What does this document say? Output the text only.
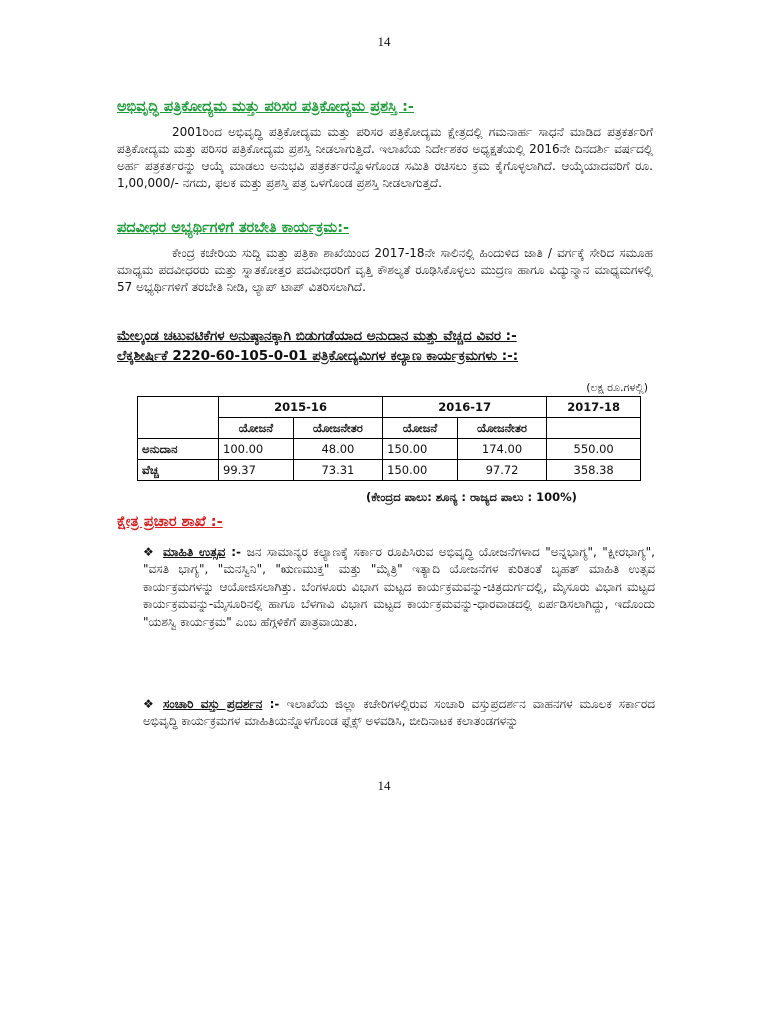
14
ಅಭಿವೃದ್ಧಿ ಪತ್ರಿಕೋದ್ಯಮ ಮತ್ತು ಪರಿಸರ ಪತ್ರಿಕೋದ್ಯಮ ಪ್ರಶಸ್ತಿ :-

2001ರಿಂದ ಅಭಿವೃದ್ಧಿ ಪತ್ರಿಕೋದ್ಯಮ ಮತ್ತು ಪರಿಸರ ಪತ್ರಿಕೋದ್ಯಮ ಕ್ಷೇತ್ರದಲ್ಲಿ ಗಮನಾರ್ಹ ಸಾಧನೆ ಮಾಡಿದ ಪತ್ರಕರ್ತರಿಗೆ ಪತ್ರಿಕೋದ್ಯಮ ಮತ್ತು ಪರಿಸರ ಪತ್ರಿಕೋದ್ಯಮ ಪ್ರಶಸ್ತಿ ನೀಡಲಾಗುತ್ತಿದೆ. ಇಲಾಖೆಯ ನಿರ್ದೇಶಕರ ಅಧ್ಯಕ್ಷತೆಯಲ್ಲಿ 2016ನೇ ದಿನದರ್ಶಿ ವರ್ಷದಲ್ಲಿ ಅರ್ಹ ಪತ್ರಕರ್ತರನ್ನು ಆಯ್ಕೆ ಮಾಡಲು ಅನುಭವಿ ಪತ್ರಕರ್ತರನ್ನೊಳಗೊಂಡ ಸಮಿತಿ ರಚಿಸಲು ಕ್ರಮ ಕೈಗೊಳ್ಳಲಾಗಿದೆ. ಆಯ್ಕೆಯಾದವರಿಗೆ ರೂ. 1,00,000/- ನಗದು, ಫಲಕ ಮತ್ತು ಪ್ರಶಸ್ತಿ ಪತ್ರ ಒಳಗೊಂಡ ಪ್ರಶಸ್ತಿ ನೀಡಲಾಗುತ್ತದೆ.

ಪದವೀಧರ ಅಭ್ಯರ್ಥಿಗಳಿಗೆ ತರಬೇತಿ ಕಾರ್ಯಕ್ರಮ:-

ಕೇಂದ್ರ ಕಚೇರಿಯ ಸುದ್ದಿ ಮತ್ತು ಪತ್ರಿಕಾ ಶಾಖೆಯಿಂದ 2017-18ನೇ ಸಾಲಿನಲ್ಲಿ ಹಿಂದುಳಿದ ಜಾತಿ / ವರ್ಗಕ್ಕೆ ಸೇರಿದ ಸಮೂಹ ಮಾಧ್ಯಮ ಪದವೀಧರರು ಮತ್ತು ಸ್ನಾತಕೋತ್ತರ ಪದವೀಧರರಿಗೆ ವೃತ್ತಿ ಕೌಶಲ್ಯತೆ ರೂಢಿಸಿಕೊಳ್ಳಲು ಮುದ್ರಣ ಹಾಗೂ ವಿದ್ಯುನ್ಮಾನ ಮಾಧ್ಯಮಗಳಲ್ಲಿ 57 ಅಭ್ಯರ್ಥಿಗಳಿಗೆ ತರಬೇತಿ ನೀಡಿ, ಲ್ಯಾಪ್ ಟಾಪ್ ವಿತರಿಸಲಾಗಿದೆ.

ಮೇಲ್ಕಂಡ ಚಟುವಟಿಕೆಗಳ ಅನುಷ್ಠಾನಕ್ಕಾಗಿ ಬಿಡುಗಡೆಯಾದ ಅನುದಾನ ಮತ್ತು ವೆಚ್ಚದ ವಿವರ :-
ಲೆಕ್ಕಶೀರ್ಷಿಕೆ 2220-60-105-0-01 ಪತ್ರಿಕೋದ್ಯಮಿಗಳ ಕಲ್ಯಾಣ ಕಾರ್ಯಕ್ರಮಗಳು :-:
(ಲಕ್ಷ ರೂ.ಗಳಲ್ಲಿ)
	2015-16		2016-17		2017-18
	ಯೋಜನೆ	ಯೋಜನೇತರ	ಯೋಜನೆ	ಯೋಜನೇತರ	
ಅನುದಾನ	100.00	48.00	150.00	174.00	550.00
ವೆಚ್ಚ	99.37	73.31	150.00	97.72	358.38
(ಕೇಂದ್ರದ ಪಾಲು: ಶೂನ್ಯ : ರಾಜ್ಯದ ಪಾಲು : 100%)
ಕ್ಷೇತ್ರ ಪ್ರಚಾರ ಶಾಖೆ :-
❖ ಮಾಹಿತಿ ಉತ್ಸವ :- ಜನ ಸಾಮಾನ್ಯರ ಕಲ್ಯಾಣಕ್ಕೆ ಸರ್ಕಾರ ರೂಪಿಸಿರುವ ಅಭಿವೃದ್ಧಿ ಯೋಜನೆಗಳಾದ "ಅನ್ನಭಾಗ್ಯ", "ಕ್ಷೀರಭಾಗ್ಯ", "ವಸತಿ ಭಾಗ್ಯ", "ಮನಸ್ವಿನಿ", "ಋಣಮುಕ್ತ" ಮತ್ತು "ಮೈತ್ರಿ" ಇತ್ಯಾದಿ ಯೋಜನೆಗಳ ಕುರಿತಂತೆ ಬೃಹತ್ ಮಾಹಿತಿ ಉತ್ಸವ ಕಾರ್ಯಕ್ರಮಗಳನ್ನು ಆಯೋಜಿಸಲಾಗಿತ್ತು. ಬೆಂಗಳೂರು ವಿಭಾಗ ಮಟ್ಟದ ಕಾರ್ಯಕ್ರಮವನ್ನು-ಚಿತ್ರದುರ್ಗದಲ್ಲಿ, ಮೈಸೂರು ವಿಭಾಗ ಮಟ್ಟದ ಕಾರ್ಯಕ್ರಮವನ್ನು-ಮೈಸೂರಿನಲ್ಲಿ ಹಾಗೂ ಬೆಳಗಾವಿ ವಿಭಾಗ ಮಟ್ಟದ ಕಾರ್ಯಕ್ರಮವನ್ನು-ಧಾರವಾಡದಲ್ಲಿ ಏರ್ಪಡಿಸಲಾಗಿದ್ದು, ಇದೊಂದು "ಯಶಸ್ವಿ ಕಾರ್ಯಕ್ರಮ" ಎಂಬ ಹೆಗ್ಗಳಿಕೆಗೆ ಪಾತ್ರವಾಯಿತು.
❖ ಸಂಚಾರಿ ವಸ್ತು ಪ್ರದರ್ಶನ :- ಇಲಾಖೆಯ ಜಿಲ್ಲಾ ಕಚೇರಿಗಳಲ್ಲಿರುವ ಸಂಚಾರಿ ವಸ್ತುಪ್ರದರ್ಶನ ವಾಹನಗಳ ಮೂಲಕ ಸರ್ಕಾರದ ಅಭಿವೃದ್ಧಿ ಕಾರ್ಯಕ್ರಮಗಳ ಮಾಹಿತಿಯನ್ನೊಳಗೊಂಡ ಫ್ಲೆಕ್ಸ್ ಅಳವಡಿಸಿ, ಬೀದಿನಾಟಕ ಕಲಾತಂಡಗಳನ್ನು
14
